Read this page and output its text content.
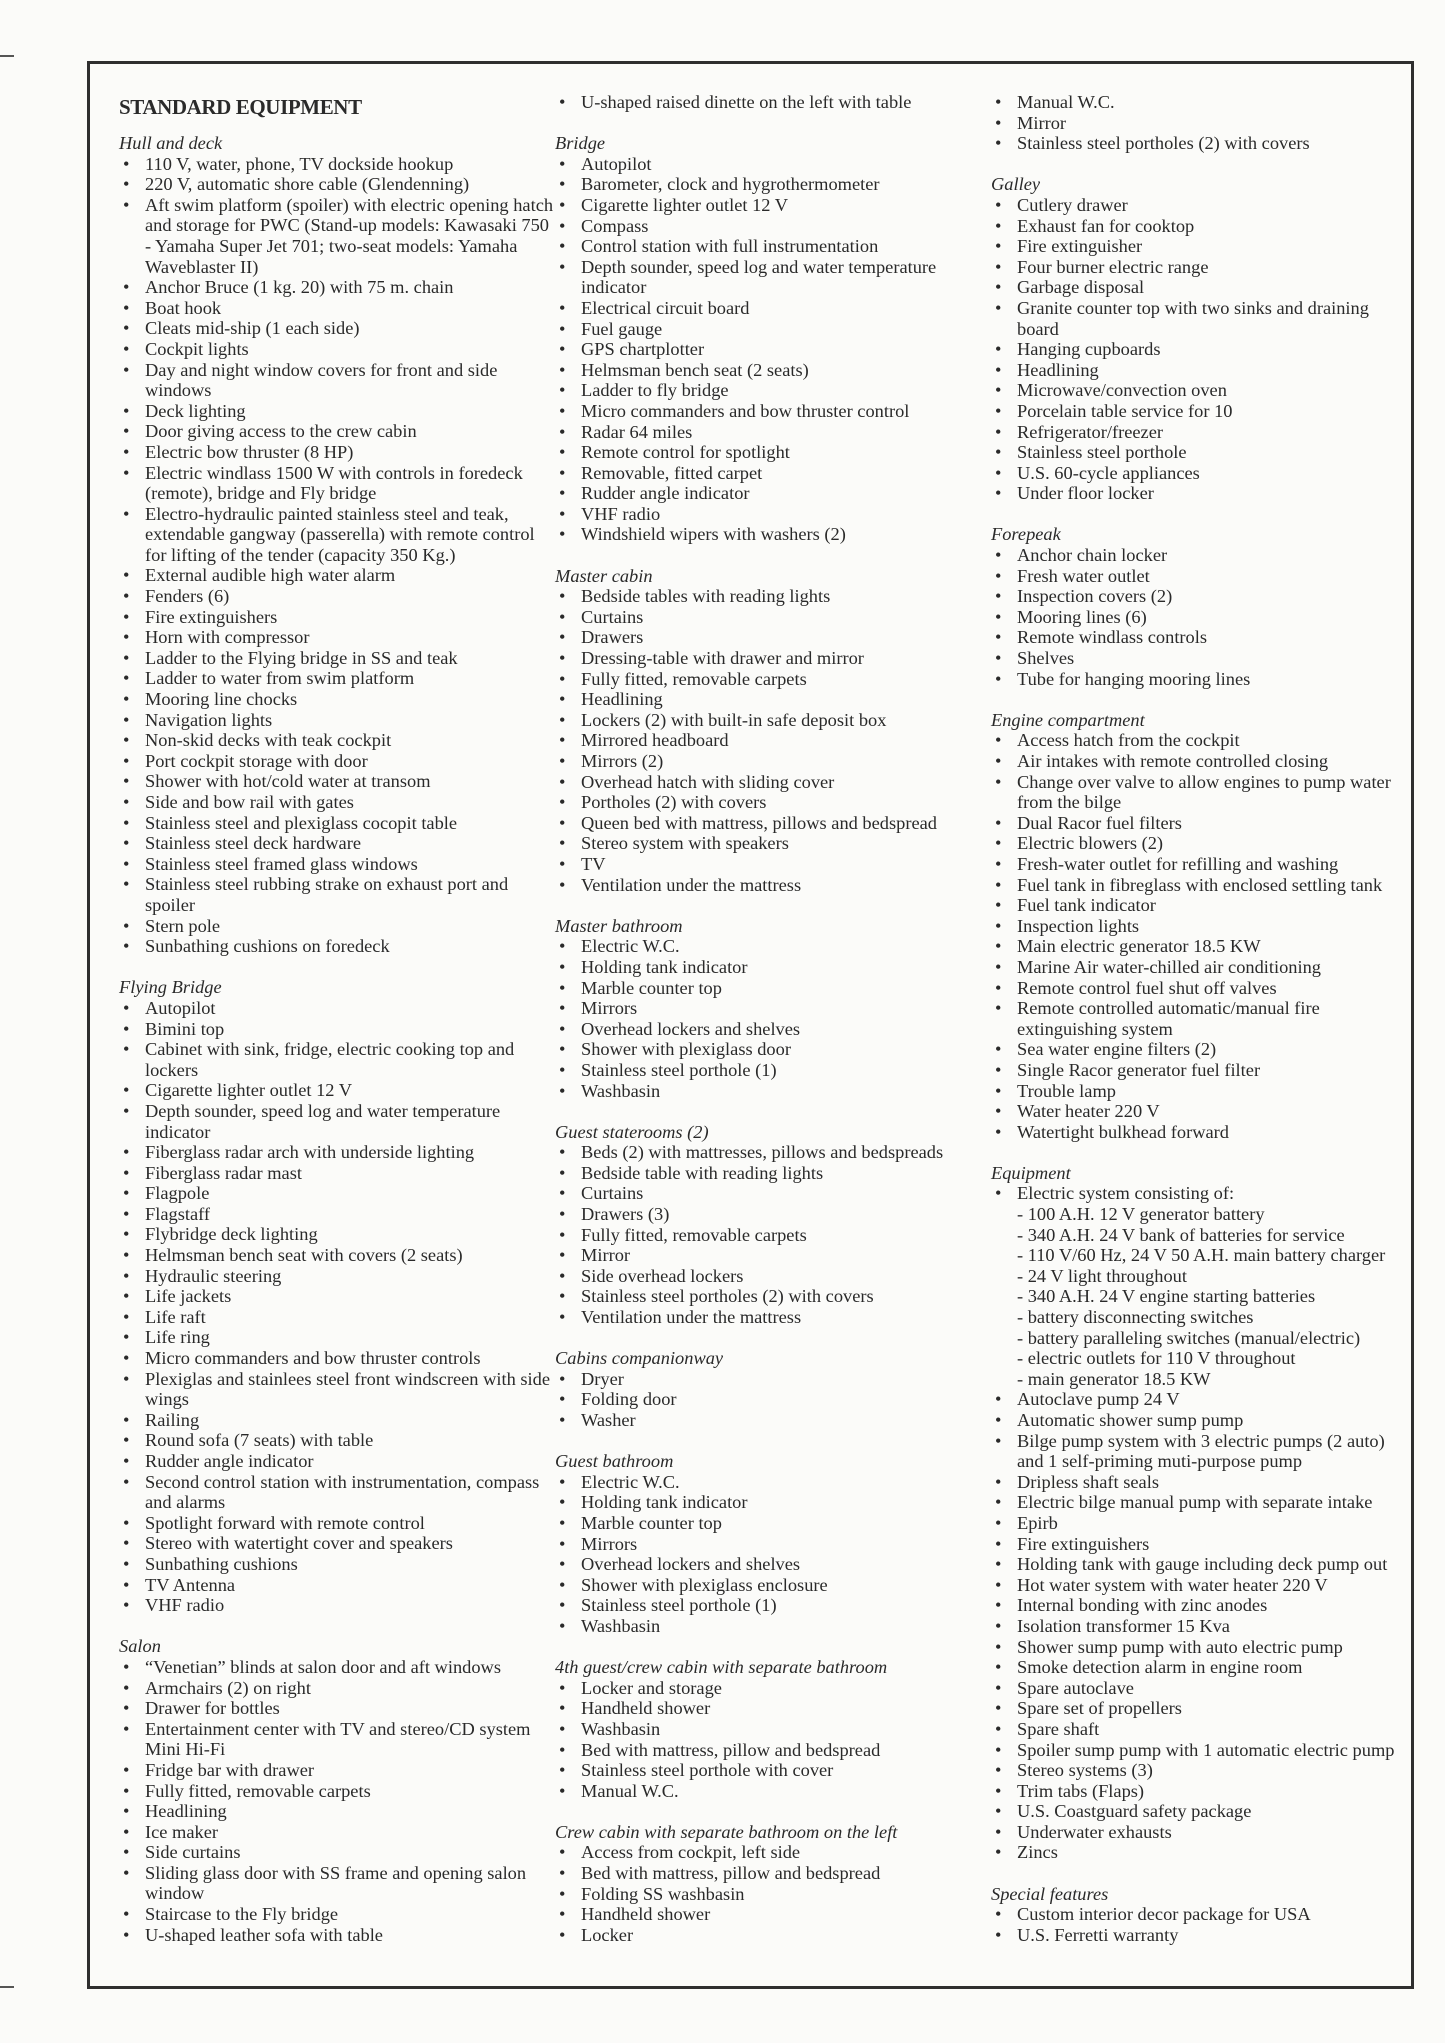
STANDARD EQUIPMENT
Hull and deck
• 110 V, water, phone, TV dockside hookup
• 220 V, automatic shore cable (Glendenning)
• Aft swim platform (spoiler) with electric opening hatch and storage for PWC (Stand-up models: Kawasaki 750 - Yamaha Super Jet 701; two-seat models: Yamaha Waveblaster II)
• Anchor Bruce (1 kg. 20) with 75 m. chain
• Boat hook
• Cleats mid-ship (1 each side)
• Cockpit lights
• Day and night window covers for front and side windows
• Deck lighting
• Door giving access to the crew cabin
• Electric bow thruster (8 HP)
• Electric windlass 1500 W with controls in foredeck (remote), bridge and Fly bridge
• Electro-hydraulic painted stainless steel and teak, extendable gangway (passerella) with remote control for lifting of the tender (capacity 350 Kg.)
• External audible high water alarm
• Fenders (6)
• Fire extinguishers
• Horn with compressor
• Ladder to the Flying bridge in SS and teak
• Ladder to water from swim platform
• Mooring line chocks
• Navigation lights
• Non-skid decks with teak cockpit
• Port cockpit storage with door
• Shower with hot/cold water at transom
• Side and bow rail with gates
• Stainless steel and plexiglass cocopit table
• Stainless steel deck hardware
• Stainless steel framed glass windows
• Stainless steel rubbing strake on exhaust port and spoiler
• Stern pole
• Sunbathing cushions on foredeck
Flying Bridge
• Autopilot
• Bimini top
• Cabinet with sink, fridge, electric cooking top and lockers
• Cigarette lighter outlet 12 V
• Depth sounder, speed log and water temperature indicator
• Fiberglass radar arch with underside lighting
• Fiberglass radar mast
• Flagpole
• Flagstaff
• Flybridge deck lighting
• Helmsman bench seat with covers (2 seats)
• Hydraulic steering
• Life jackets
• Life raft
• Life ring
• Micro commanders and bow thruster controls
• Plexiglas and stainlees steel front windscreen with side wings
• Railing
• Round sofa (7 seats) with table
• Rudder angle indicator
• Second control station with instrumentation, compass and alarms
• Spotlight forward with remote control
• Stereo with watertight cover and speakers
• Sunbathing cushions
• TV Antenna
• VHF radio
Salon
• “Venetian” blinds at salon door and aft windows
• Armchairs (2) on right
• Drawer for bottles
• Entertainment center with TV and stereo/CD system Mini Hi-Fi
• Fridge bar with drawer
• Fully fitted, removable carpets
• Headlining
• Ice maker
• Side curtains
• Sliding glass door with SS frame and opening salon window
• Staircase to the Fly bridge
• U-shaped leather sofa with table
• U-shaped raised dinette on the left with table
Bridge
• Autopilot
• Barometer, clock and hygrothermometer
• Cigarette lighter outlet 12 V
• Compass
• Control station with full instrumentation
• Depth sounder, speed log and water temperature indicator
• Electrical circuit board
• Fuel gauge
• GPS chartplotter
• Helmsman bench seat (2 seats)
• Ladder to fly bridge
• Micro commanders and bow thruster control
• Radar 64 miles
• Remote control for spotlight
• Removable, fitted carpet
• Rudder angle indicator
• VHF radio
• Windshield wipers with washers (2)
Master cabin
• Bedside tables with reading lights
• Curtains
• Drawers
• Dressing-table with drawer and mirror
• Fully fitted, removable carpets
• Headlining
• Lockers (2) with built-in safe deposit box
• Mirrored headboard
• Mirrors (2)
• Overhead hatch with sliding cover
• Portholes (2) with covers
• Queen bed with mattress, pillows and bedspread
• Stereo system with speakers
• TV
• Ventilation under the mattress
Master bathroom
• Electric W.C.
• Holding tank indicator
• Marble counter top
• Mirrors
• Overhead lockers and shelves
• Shower with plexiglass door
• Stainless steel porthole (1)
• Washbasin
Guest staterooms (2)
• Beds (2) with mattresses, pillows and bedspreads
• Bedside table with reading lights
• Curtains
• Drawers (3)
• Fully fitted, removable carpets
• Mirror
• Side overhead lockers
• Stainless steel portholes (2) with covers
• Ventilation under the mattress
Cabins companionway
• Dryer
• Folding door
• Washer
Guest bathroom
• Electric W.C.
• Holding tank indicator
• Marble counter top
• Mirrors
• Overhead lockers and shelves
• Shower with plexiglass enclosure
• Stainless steel porthole (1)
• Washbasin
4th guest/crew cabin with separate bathroom
• Locker and storage
• Handheld shower
• Washbasin
• Bed with mattress, pillow and bedspread
• Stainless steel porthole with cover
• Manual W.C.
Crew cabin with separate bathroom on the left
• Access from cockpit, left side
• Bed with mattress, pillow and bedspread
• Folding SS washbasin
• Handheld shower
• Locker
• Manual W.C.
• Mirror
• Stainless steel portholes (2) with covers
Galley
• Cutlery drawer
• Exhaust fan for cooktop
• Fire extinguisher
• Four burner electric range
• Garbage disposal
• Granite counter top with two sinks and draining board
• Hanging cupboards
• Headlining
• Microwave/convection oven
• Porcelain table service for 10
• Refrigerator/freezer
• Stainless steel porthole
• U.S. 60-cycle appliances
• Under floor locker
Forepeak
• Anchor chain locker
• Fresh water outlet
• Inspection covers (2)
• Mooring lines (6)
• Remote windlass controls
• Shelves
• Tube for hanging mooring lines
Engine compartment
• Access hatch from the cockpit
• Air intakes with remote controlled closing
• Change over valve to allow engines to pump water from the bilge
• Dual Racor fuel filters
• Electric blowers (2)
• Fresh-water outlet for refilling and washing
• Fuel tank in fibreglass with enclosed settling tank
• Fuel tank indicator
• Inspection lights
• Main electric generator 18.5 KW
• Marine Air water-chilled air conditioning
• Remote control fuel shut off valves
• Remote controlled automatic/manual fire extinguishing system
• Sea water engine filters (2)
• Single Racor generator fuel filter
• Trouble lamp
• Water heater 220 V
• Watertight bulkhead forward
Equipment
• Electric system consisting of:
- 100 A.H. 12 V generator battery
- 340 A.H. 24 V bank of batteries for service
- 110 V/60 Hz, 24 V 50 A.H. main battery charger
- 24 V light throughout
- 340 A.H. 24 V engine starting batteries
- battery disconnecting switches
- battery paralleling switches (manual/electric)
- electric outlets for 110 V throughout
- main generator 18.5 KW
• Autoclave pump 24 V
• Automatic shower sump pump
• Bilge pump system with 3 electric pumps (2 auto) and 1 self-priming muti-purpose pump
• Dripless shaft seals
• Electric bilge manual pump with separate intake
• Epirb
• Fire extinguishers
• Holding tank with gauge including deck pump out
• Hot water system with water heater 220 V
• Internal bonding with zinc anodes
• Isolation transformer 15 Kva
• Shower sump pump with auto electric pump
• Smoke detection alarm in engine room
• Spare autoclave
• Spare set of propellers
• Spare shaft
• Spoiler sump pump with 1 automatic electric pump
• Stereo systems (3)
• Trim tabs (Flaps)
• U.S. Coastguard safety package
• Underwater exhausts
• Zincs
Special features
• Custom interior decor package for USA
• U.S. Ferretti warranty
